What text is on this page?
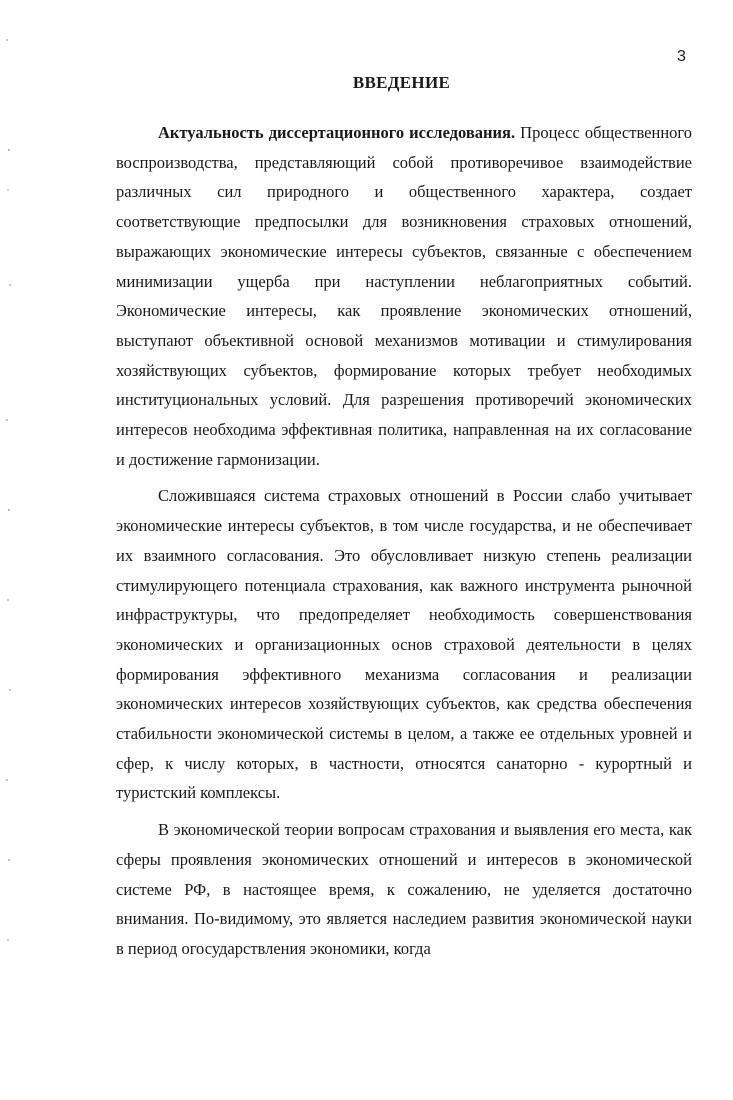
3
ВВЕДЕНИЕ

Актуальность диссертационного исследования. Процесс общественного воспроизводства, представляющий собой противоречивое взаимодействие различных сил природного и общественного характера, создает соответствующие предпосылки для возникновения страховых отношений, выражающих экономические интересы субъектов, связанные с обеспечением минимизации ущерба при наступлении неблагоприятных событий. Экономические интересы, как проявление экономических отношений, выступают объективной основой механизмов мотивации и стимулирования хозяйствующих субъектов, формирование которых требует необходимых институциональных условий. Для разрешения противоречий экономических интересов необходима эффективная политика, направленная на их согласование и достижение гармонизации.

Сложившаяся система страховых отношений в России слабо учитывает экономические интересы субъектов, в том числе государства, и не обеспечивает их взаимного согласования. Это обусловливает низкую степень реализации стимулирующего потенциала страхования, как важного инструмента рыночной инфраструктуры, что предопределяет необходимость совершенствования экономических и организационных основ страховой деятельности в целях формирования эффективного механизма согласования и реализации экономических интересов хозяйствующих субъектов, как средства обеспечения стабильности экономической системы в целом, а также ее отдельных уровней и сфер, к числу которых, в частности, относятся санаторно - курортный и туристский комплексы.

В экономической теории вопросам страхования и выявления его места, как сферы проявления экономических отношений и интересов в экономической системе РФ, в настоящее время, к сожалению, не уделяется достаточно внимания. По-видимому, это является наследием развития экономической науки в период огосударствления экономики, когда
